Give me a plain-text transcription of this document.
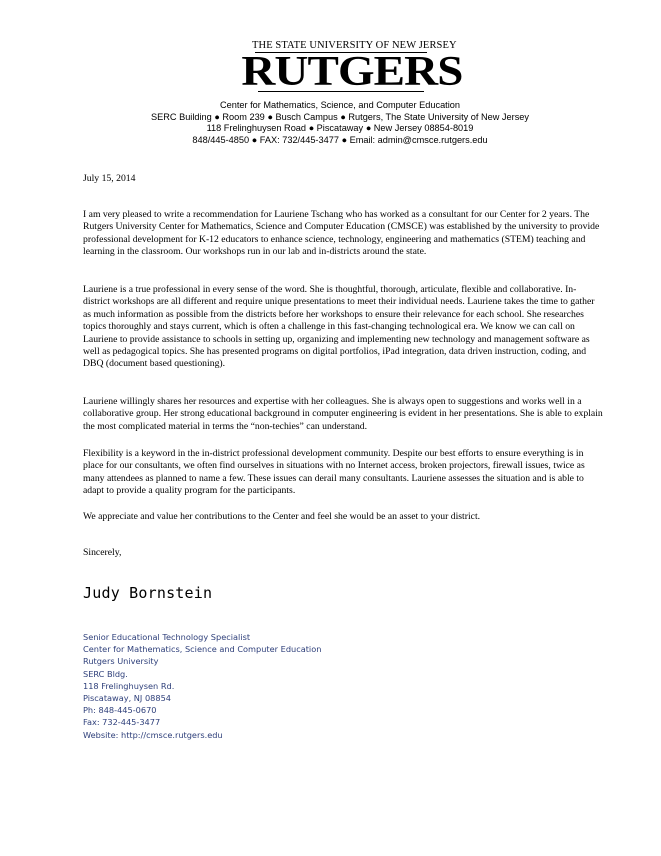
THE STATE UNIVERSITY OF NEW JERSEY
RUTGERS
Center for Mathematics, Science, and Computer Education
SERC Building ● Room 239 ● Busch Campus ● Rutgers, The State University of New Jersey
118 Frelinghuysen Road ● Piscataway ● New Jersey 08854-8019
848/445-4850 ● FAX: 732/445-3477 ● Email: admin@cmsce.rutgers.edu
July 15, 2014

I am very pleased to write a recommendation for Lauriene Tschang who has worked as a consultant for our Center for 2 years. The Rutgers University Center for Mathematics, Science and Computer Education (CMSCE) was established by the university to provide professional development for K-12 educators to enhance science, technology, engineering and mathematics (STEM) teaching and learning in the classroom. Our workshops run in our lab and in-districts around the state.

Lauriene is a true professional in every sense of the word. She is thoughtful, thorough, articulate, flexible and collaborative. In-district workshops are all different and require unique presentations to meet their individual needs. Lauriene takes the time to gather as much information as possible from the districts before her workshops to ensure their relevance for each school. She researches topics thoroughly and stays current, which is often a challenge in this fast-changing technological era. We know we can call on Lauriene to provide assistance to schools in setting up, organizing and implementing new technology and management software as well as pedagogical topics. She has presented programs on digital portfolios, iPad integration, data driven instruction, coding, and DBQ (document based questioning).

Lauriene willingly shares her resources and expertise with her colleagues. She is always open to suggestions and works well in a collaborative group. Her strong educational background in computer engineering is evident in her presentations. She is able to explain the most complicated material in terms the “non-techies” can understand.

Flexibility is a keyword in the in-district professional development community. Despite our best efforts to ensure everything is in place for our consultants, we often find ourselves in situations with no Internet access, broken projectors, firewall issues, twice as many attendees as planned to name a few. These issues can derail many consultants. Lauriene assesses the situation and is able to adapt to provide a quality program for the participants.

We appreciate and value her contributions to the Center and feel she would be an asset to your district.

Sincerely,
Judy Bornstein
Senior Educational Technology Specialist
Center for Mathematics, Science and Computer Education
Rutgers University
SERC Bldg.
118 Frelinghuysen Rd.
Piscataway, NJ 08854
Ph: 848-445-0670
Fax: 732-445-3477
Website: http://cmsce.rutgers.edu
